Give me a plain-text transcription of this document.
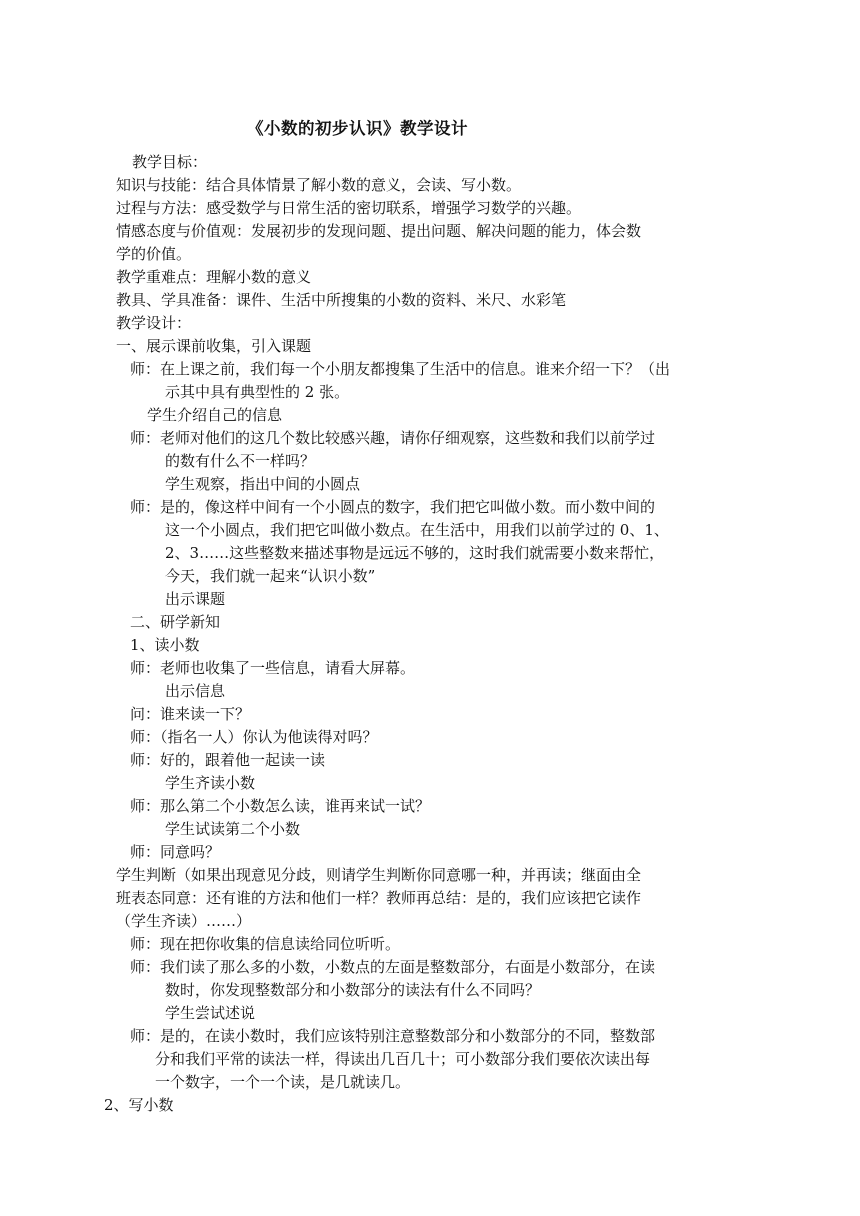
《小数的初步认识》教学设计
教学目标：
知识与技能：结合具体情景了解小数的意义，会读、写小数。
过程与方法：感受数学与日常生活的密切联系，增强学习数学的兴趣。
情感态度与价值观：发展初步的发现问题、提出问题、解决问题的能力，体会数
学的价值。
教学重难点：理解小数的意义
教具、学具准备：课件、生活中所搜集的小数的资料、米尺、水彩笔
教学设计：
一、展示课前收集，引入课题
师：在上课之前，我们每一个小朋友都搜集了生活中的信息。谁来介绍一下？（出
示其中具有典型性的 2 张。
学生介绍自己的信息
师：老师对他们的这几个数比较感兴趣，请你仔细观察，这些数和我们以前学过
的数有什么不一样吗？
学生观察，指出中间的小圆点
师：是的，像这样中间有一个小圆点的数字，我们把它叫做小数。而小数中间的
这一个小圆点，我们把它叫做小数点。在生活中，用我们以前学过的 0、1、
2、3……这些整数来描述事物是远远不够的，这时我们就需要小数来帮忙，
今天，我们就一起来“认识小数”
出示课题
二、研学新知
1、读小数
师：老师也收集了一些信息，请看大屏幕。
出示信息
问：谁来读一下？
师：（指名一人）你认为他读得对吗？
师：好的，跟着他一起读一读
学生齐读小数
师：那么第二个小数怎么读，谁再来试一试？
学生试读第二个小数
师：同意吗？
学生判断（如果出现意见分歧，则请学生判断你同意哪一种，并再读；继面由全
班表态同意：还有谁的方法和他们一样？教师再总结：是的，我们应该把它读作
（学生齐读）……）
师：现在把你收集的信息读给同位听听。
师：我们读了那么多的小数，小数点的左面是整数部分，右面是小数部分，在读
数时，你发现整数部分和小数部分的读法有什么不同吗？
学生尝试述说
师：是的，在读小数时，我们应该特别注意整数部分和小数部分的不同，整数部
分和我们平常的读法一样，得读出几百几十；可小数部分我们要依次读出每
一个数字，一个一个读，是几就读几。
2、写小数
